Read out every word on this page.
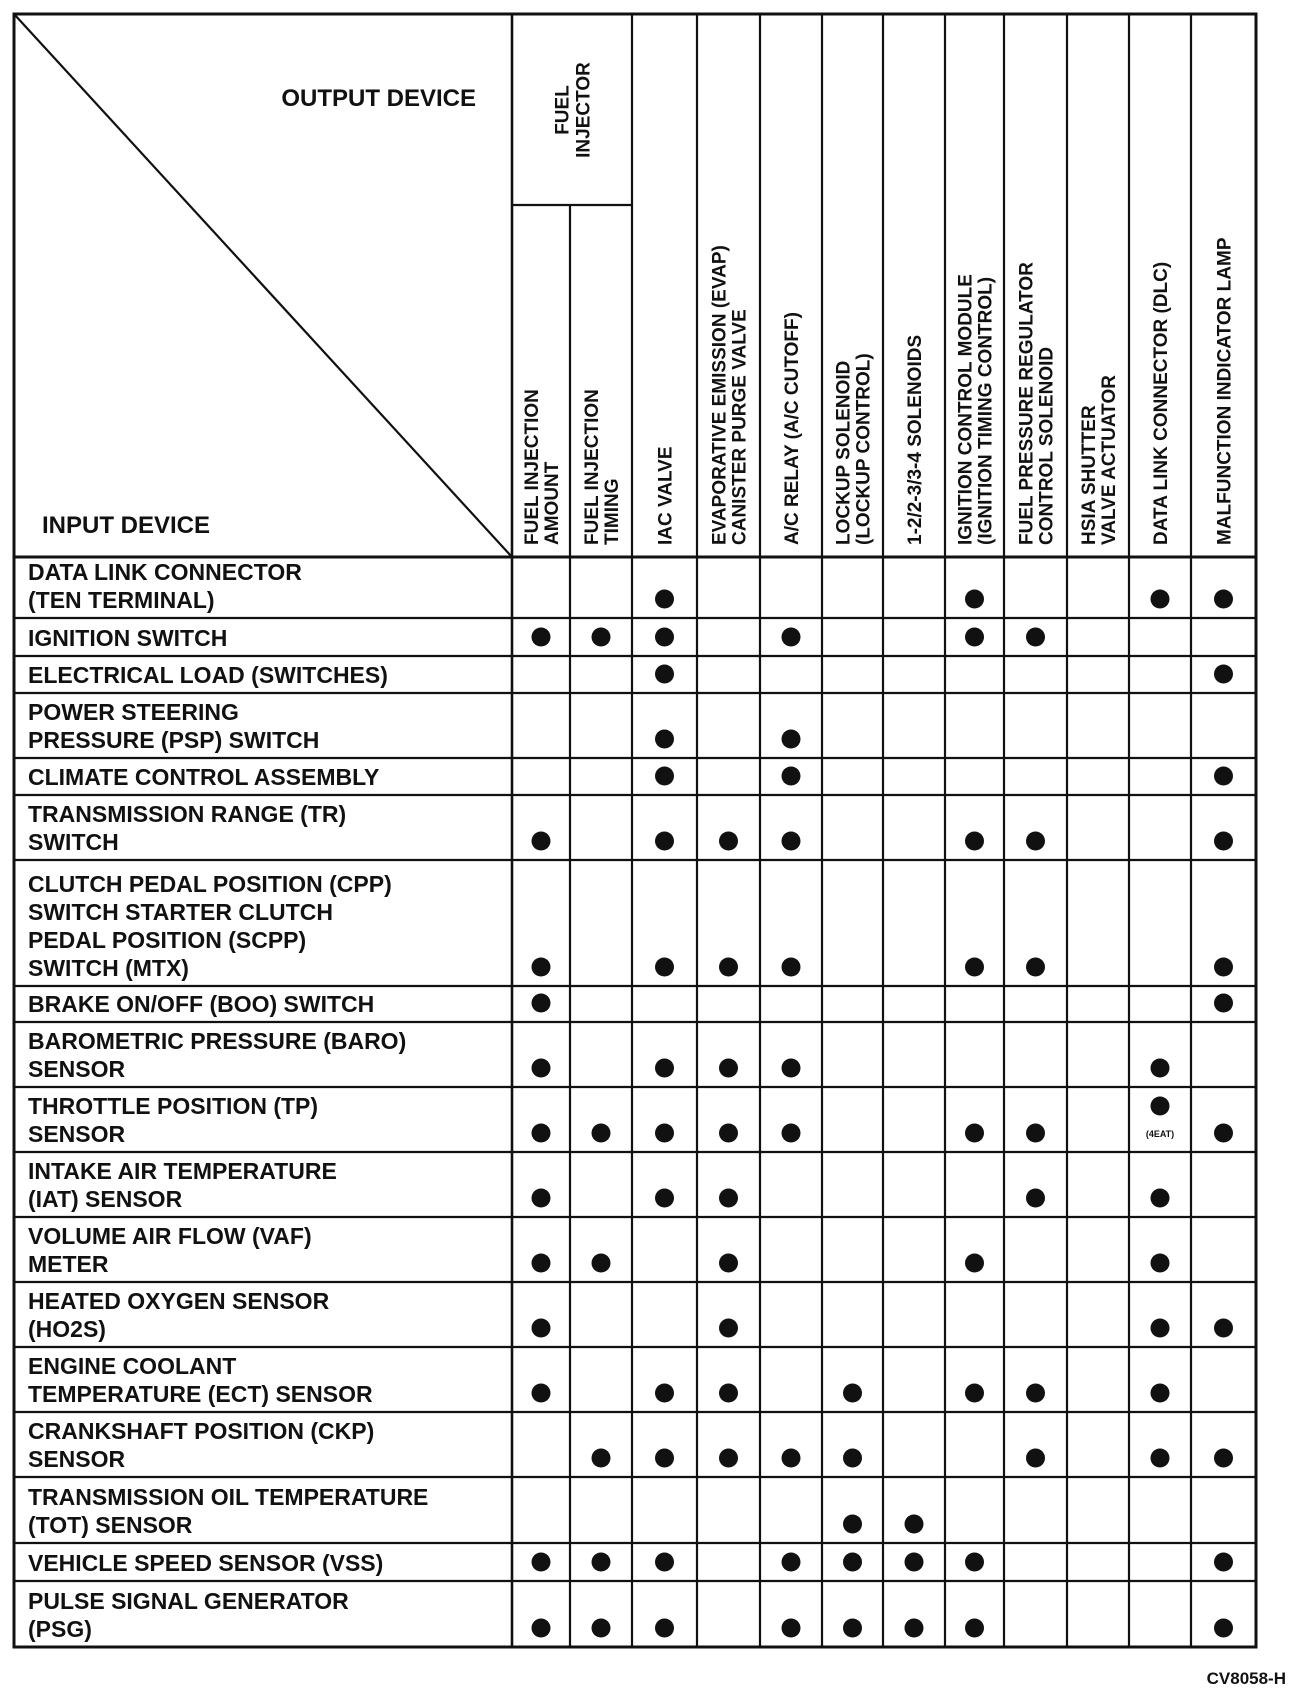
OUTPUT DEVICE
INPUT DEVICE
FUELINJECTOR
FUEL INJECTIONAMOUNT FUEL INJECTIONTIMING IAC VALVE EVAPORATIVE EMISSION (EVAP)CANISTER PURGE VALVE A/C RELAY (A/C CUTOFF) LOCKUP SOLENOID(LOCKUP CONTROL) 1-2/2-3/3-4 SOLENOIDS IGNITION CONTROL MODULE(IGNITION TIMING CONTROL) FUEL PRESSURE REGULATORCONTROL SOLENOID HSIA SHUTTERVALVE ACTUATOR DATA LINK CONNECTOR (DLC) MALFUNCTION INDICATOR LAMP
DATA LINK CONNECTOR (TEN TERMINAL)
IGNITION SWITCH
ELECTRICAL LOAD (SWITCHES)
POWER STEERING PRESSURE (PSP) SWITCH
CLIMATE CONTROL ASSEMBLY
TRANSMISSION RANGE (TR) SWITCH
CLUTCH PEDAL POSITION (CPP) SWITCH STARTER CLUTCH PEDAL POSITION (SCPP) SWITCH (MTX)
BRAKE ON/OFF (BOO) SWITCH
BAROMETRIC PRESSURE (BARO) SENSOR
THROTTLE POSITION (TP) SENSOR	(4EAT)
INTAKE AIR TEMPERATURE (IAT) SENSOR
VOLUME AIR FLOW (VAF) METER
HEATED OXYGEN SENSOR (HO2S)
ENGINE COOLANT TEMPERATURE (ECT) SENSOR
CRANKSHAFT POSITION (CKP) SENSOR
TRANSMISSION OIL TEMPERATURE (TOT) SENSOR
VEHICLE SPEED SENSOR (VSS)
PULSE SIGNAL GENERATOR (PSG)
CV8058-H
